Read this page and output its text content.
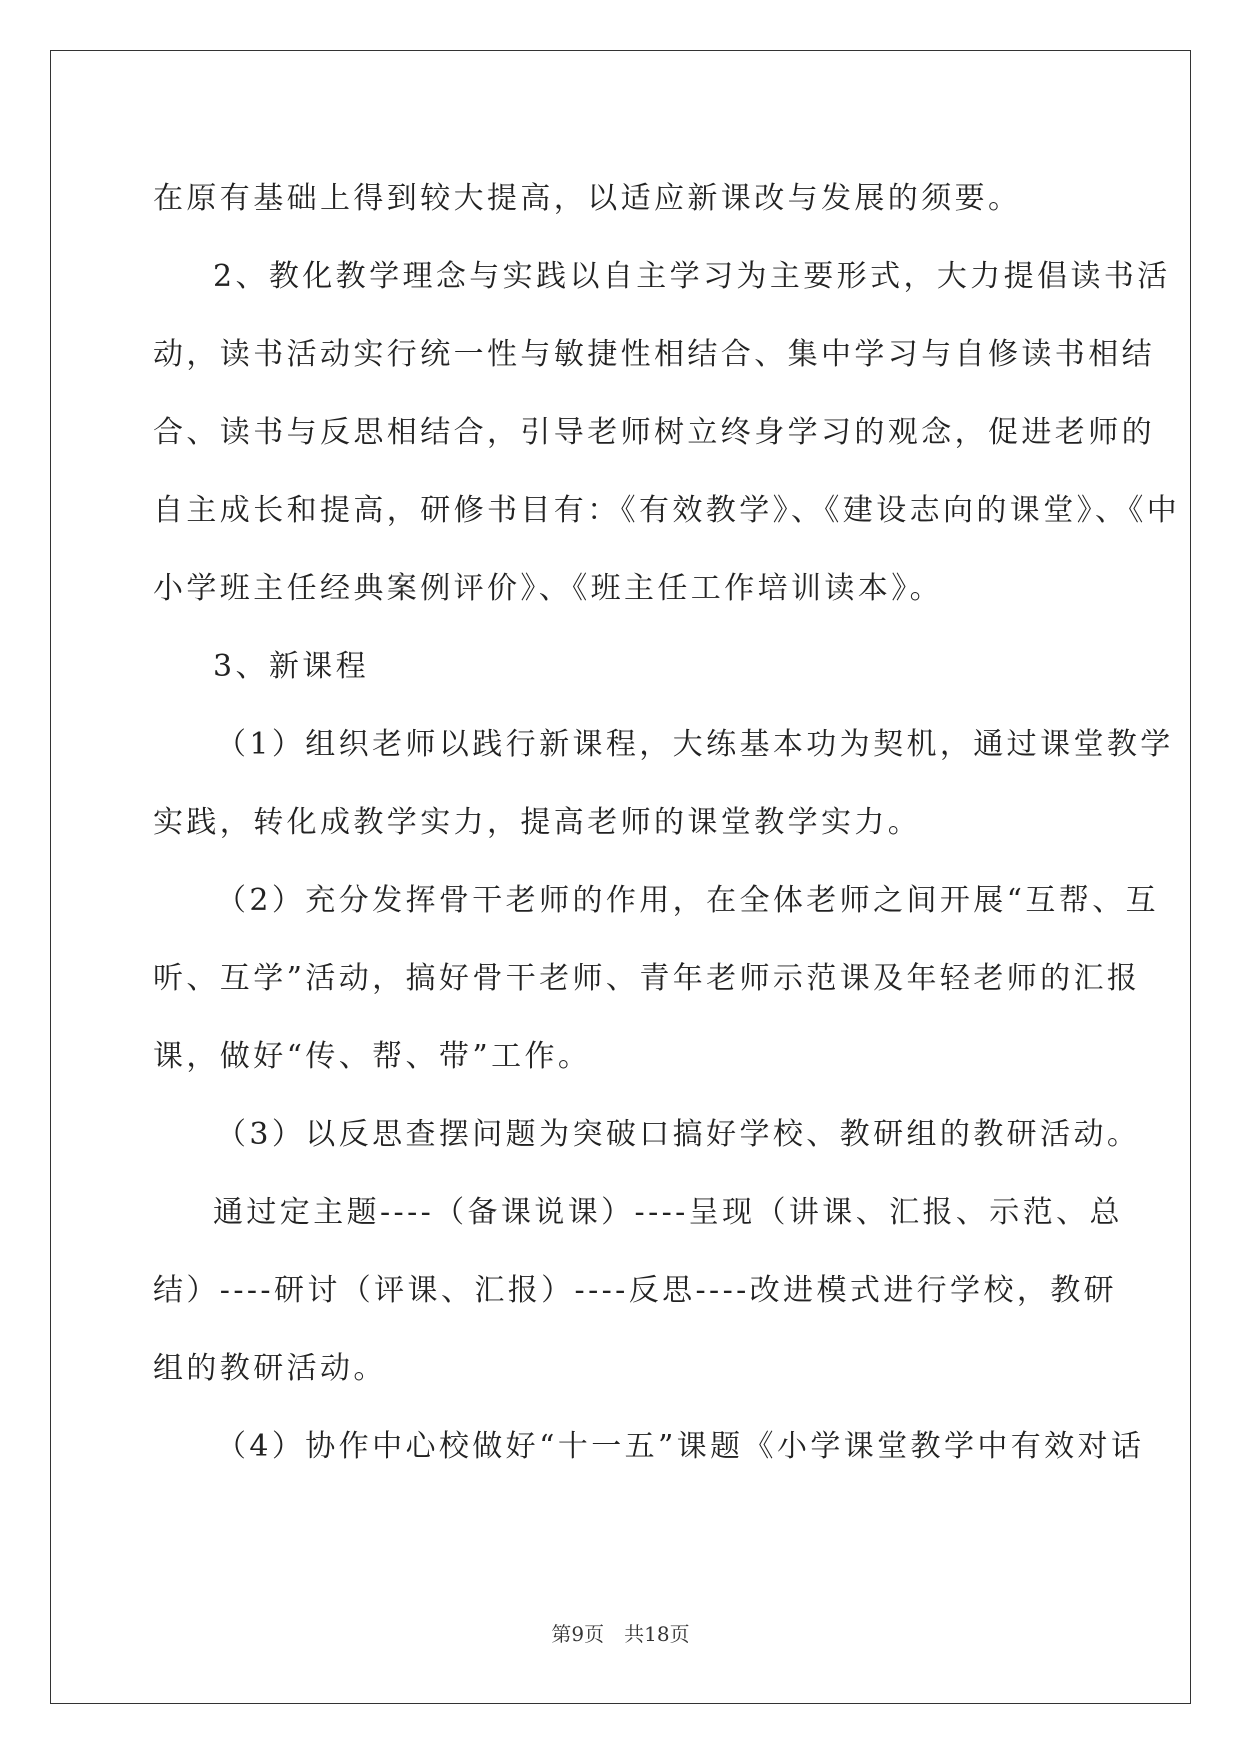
在原有基础上得到较大提高，以适应新课改与发展的须要。
2、教化教学理念与实践以自主学习为主要形式，大力提倡读书活
动，读书活动实行统一性与敏捷性相结合、集中学习与自修读书相结
合、读书与反思相结合，引导老师树立终身学习的观念，促进老师的
自主成长和提高，研修书目有：《有效教学》、《建设志向的课堂》、《中
小学班主任经典案例评价》、《班主任工作培训读本》。
3、新课程
（1）组织老师以践行新课程，大练基本功为契机，通过课堂教学
实践，转化成教学实力，提高老师的课堂教学实力。
（2）充分发挥骨干老师的作用，在全体老师之间开展“互帮、互
听、互学”活动，搞好骨干老师、青年老师示范课及年轻老师的汇报
课，做好“传、帮、带”工作。
（3）以反思查摆问题为突破口搞好学校、教研组的教研活动。
通过定主题----（备课说课）----呈现（讲课、汇报、示范、总
结）----研讨（评课、汇报）----反思----改进模式进行学校，教研
组的教研活动。
（4）协作中心校做好“十一五”课题《小学课堂教学中有效对话
第9页　共18页
